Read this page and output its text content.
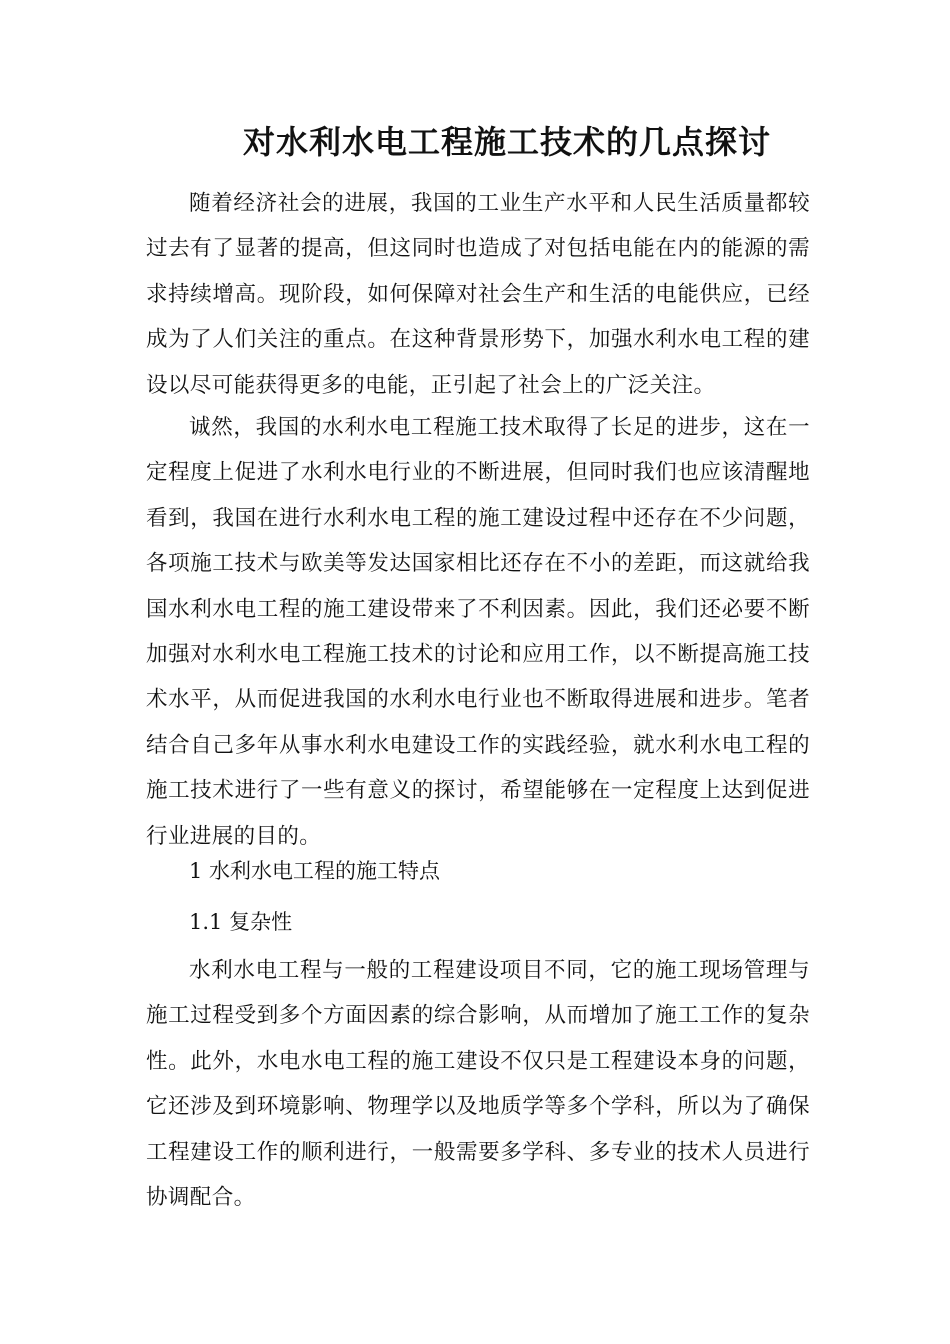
对水利水电工程施工技术的几点探讨

随着经济社会的进展，我国的工业生产水平和人民生活质量都较过去有了显著的提高，但这同时也造成了对包括电能在内的能源的需求持续增高。现阶段，如何保障对社会生产和生活的电能供应，已经成为了人们关注的重点。在这种背景形势下，加强水利水电工程的建设以尽可能获得更多的电能，正引起了社会上的广泛关注。

诚然，我国的水利水电工程施工技术取得了长足的进步，这在一定程度上促进了水利水电行业的不断进展，但同时我们也应该清醒地看到，我国在进行水利水电工程的施工建设过程中还存在不少问题，各项施工技术与欧美等发达国家相比还存在不小的差距，而这就给我国水利水电工程的施工建设带来了不利因素。因此，我们还必要不断加强对水利水电工程施工技术的讨论和应用工作，以不断提高施工技术水平，从而促进我国的水利水电行业也不断取得进展和进步。笔者结合自己多年从事水利水电建设工作的实践经验，就水利水电工程的施工技术进行了一些有意义的探讨，希望能够在一定程度上达到促进行业进展的目的。

1 水利水电工程的施工特点

1.1 复杂性

水利水电工程与一般的工程建设项目不同，它的施工现场管理与施工过程受到多个方面因素的综合影响，从而增加了施工工作的复杂性。此外，水电水电工程的施工建设不仅只是工程建设本身的问题，它还涉及到环境影响、物理学以及地质学等多个学科，所以为了确保工程建设工作的顺利进行，一般需要多学科、多专业的技术人员进行协调配合。
